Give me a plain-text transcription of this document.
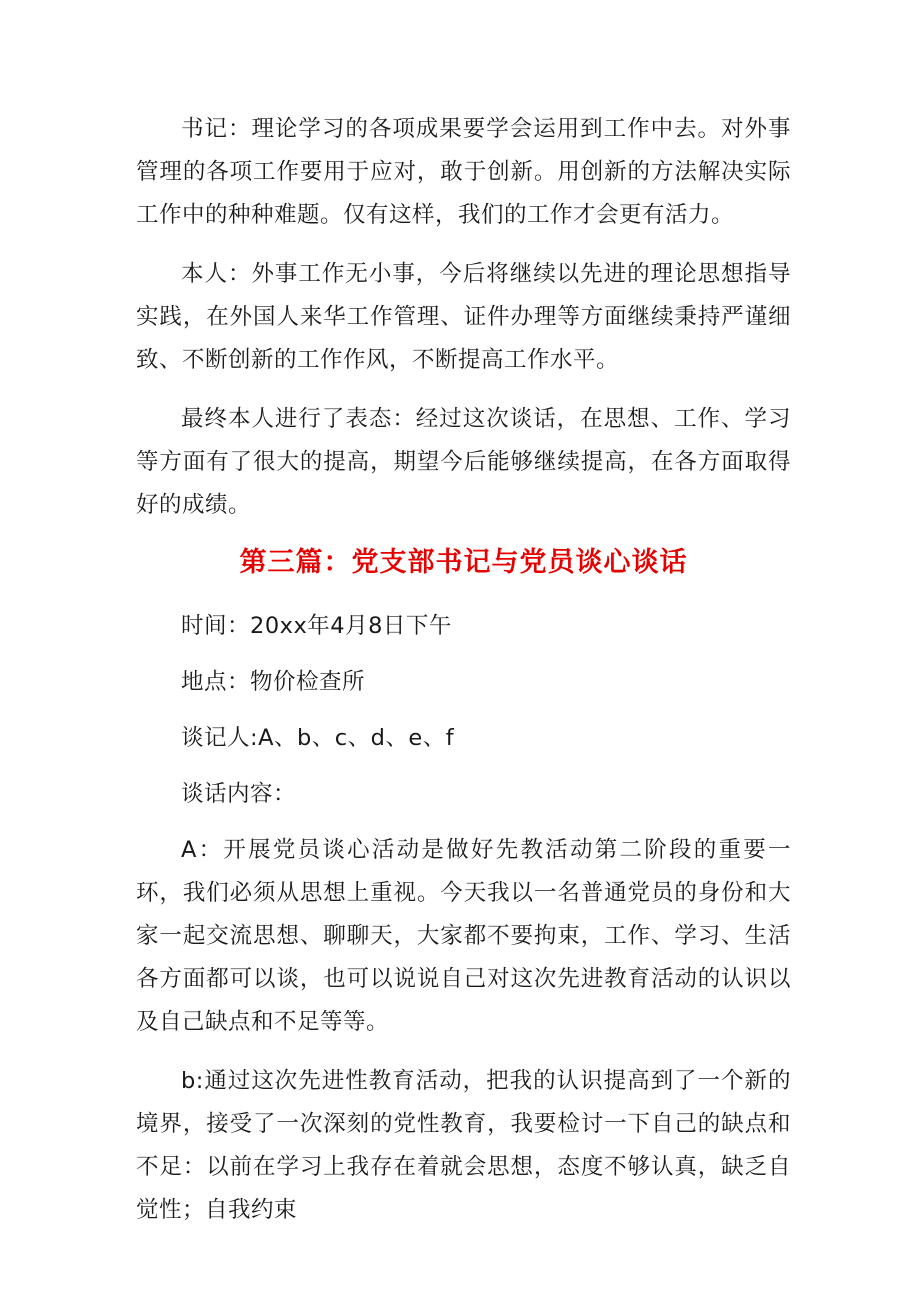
书记：理论学习的各项成果要学会运用到工作中去。对外事管理的各项工作要用于应对，敢于创新。用创新的方法解决实际工作中的种种难题。仅有这样，我们的工作才会更有活力。

本人：外事工作无小事，今后将继续以先进的理论思想指导实践，在外国人来华工作管理、证件办理等方面继续秉持严谨细致、不断创新的工作作风，不断提高工作水平。

最终本人进行了表态：经过这次谈话，在思想、工作、学习等方面有了很大的提高，期望今后能够继续提高，在各方面取得好的成绩。

第三篇：党支部书记与党员谈心谈话

时间：20xx年4月8日下午

地点：物价检查所

谈记人:A、b、c、d、e、f

谈话内容：

A：开展党员谈心活动是做好先教活动第二阶段的重要一环，我们必须从思想上重视。今天我以一名普通党员的身份和大家一起交流思想、聊聊天，大家都不要拘束，工作、学习、生活各方面都可以谈，也可以说说自己对这次先进教育活动的认识以及自己缺点和不足等等。

b:通过这次先进性教育活动，把我的认识提高到了一个新的境界，接受了一次深刻的党性教育，我要检讨一下自己的缺点和不足：以前在学习上我存在着就会思想，态度不够认真，缺乏自觉性；自我约束
